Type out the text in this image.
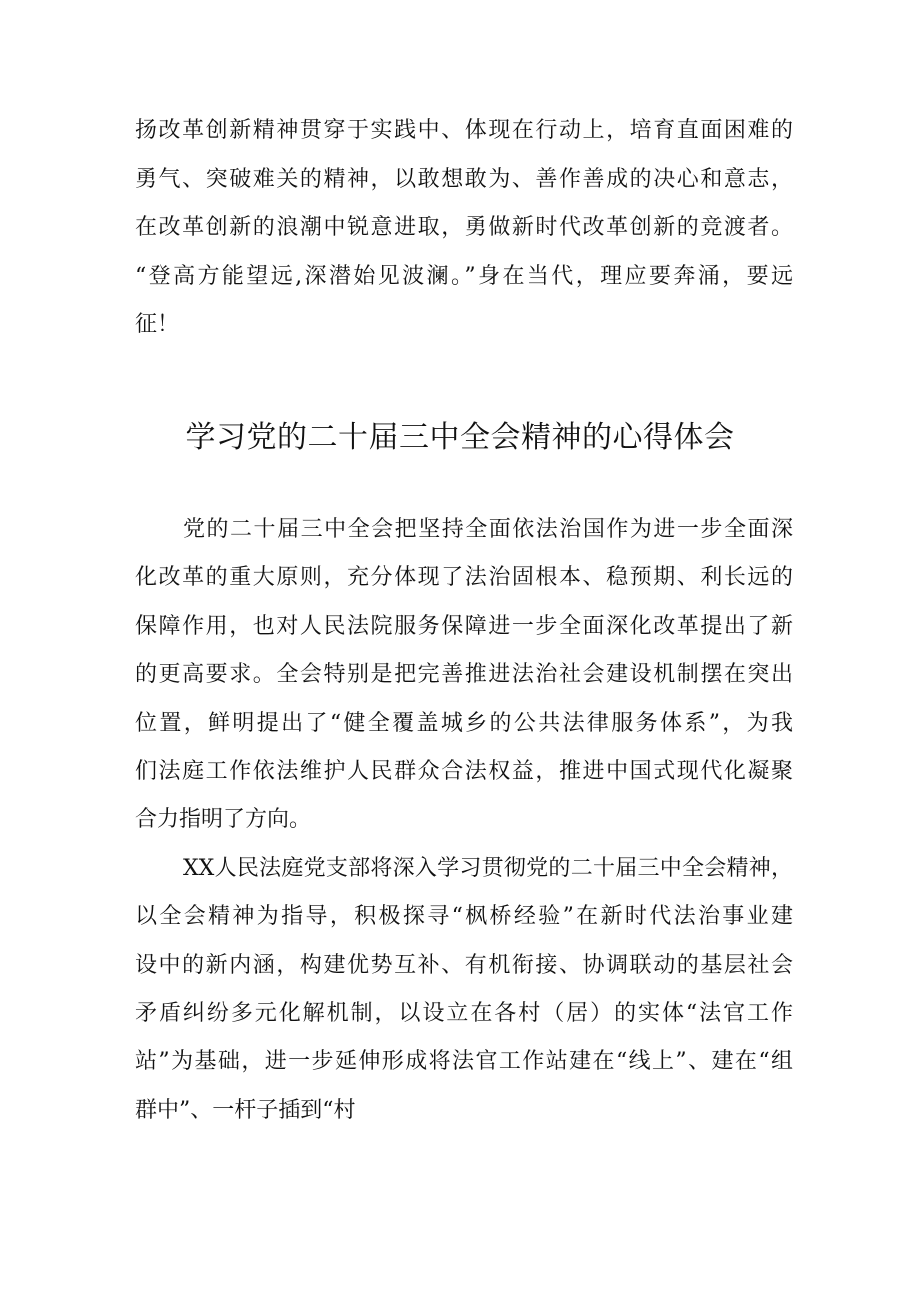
扬改革创新精神贯穿于实践中、体现在行动上，培育直面困难的
勇气、突破难关的精神，以敢想敢为、善作善成的决心和意志，
在改革创新的浪潮中锐意进取，勇做新时代改革创新的竞渡者。
“登高方能望远,深潜始见波澜。”身在当代，理应要奔涌，要远
征！
学习党的二十届三中全会精神的心得体会
党的二十届三中全会把坚持全面依法治国作为进一步全面深
化改革的重大原则，充分体现了法治固根本、稳预期、利长远的
保障作用，也对人民法院服务保障进一步全面深化改革提出了新
的更高要求。全会特别是把完善推进法治社会建设机制摆在突出
位置，鲜明提出了“健全覆盖城乡的公共法律服务体系”，为我
们法庭工作依法维护人民群众合法权益，推进中国式现代化凝聚
合力指明了方向。
XX人民法庭党支部将深入学习贯彻党的二十届三中全会精神，
以全会精神为指导，积极探寻“枫桥经验”在新时代法治事业建
设中的新内涵，构建优势互补、有机衔接、协调联动的基层社会
矛盾纠纷多元化解机制，以设立在各村（居）的实体“法官工作
站”为基础，进一步延伸形成将法官工作站建在“线上”、建在“组
群中”、一杆子插到“村
